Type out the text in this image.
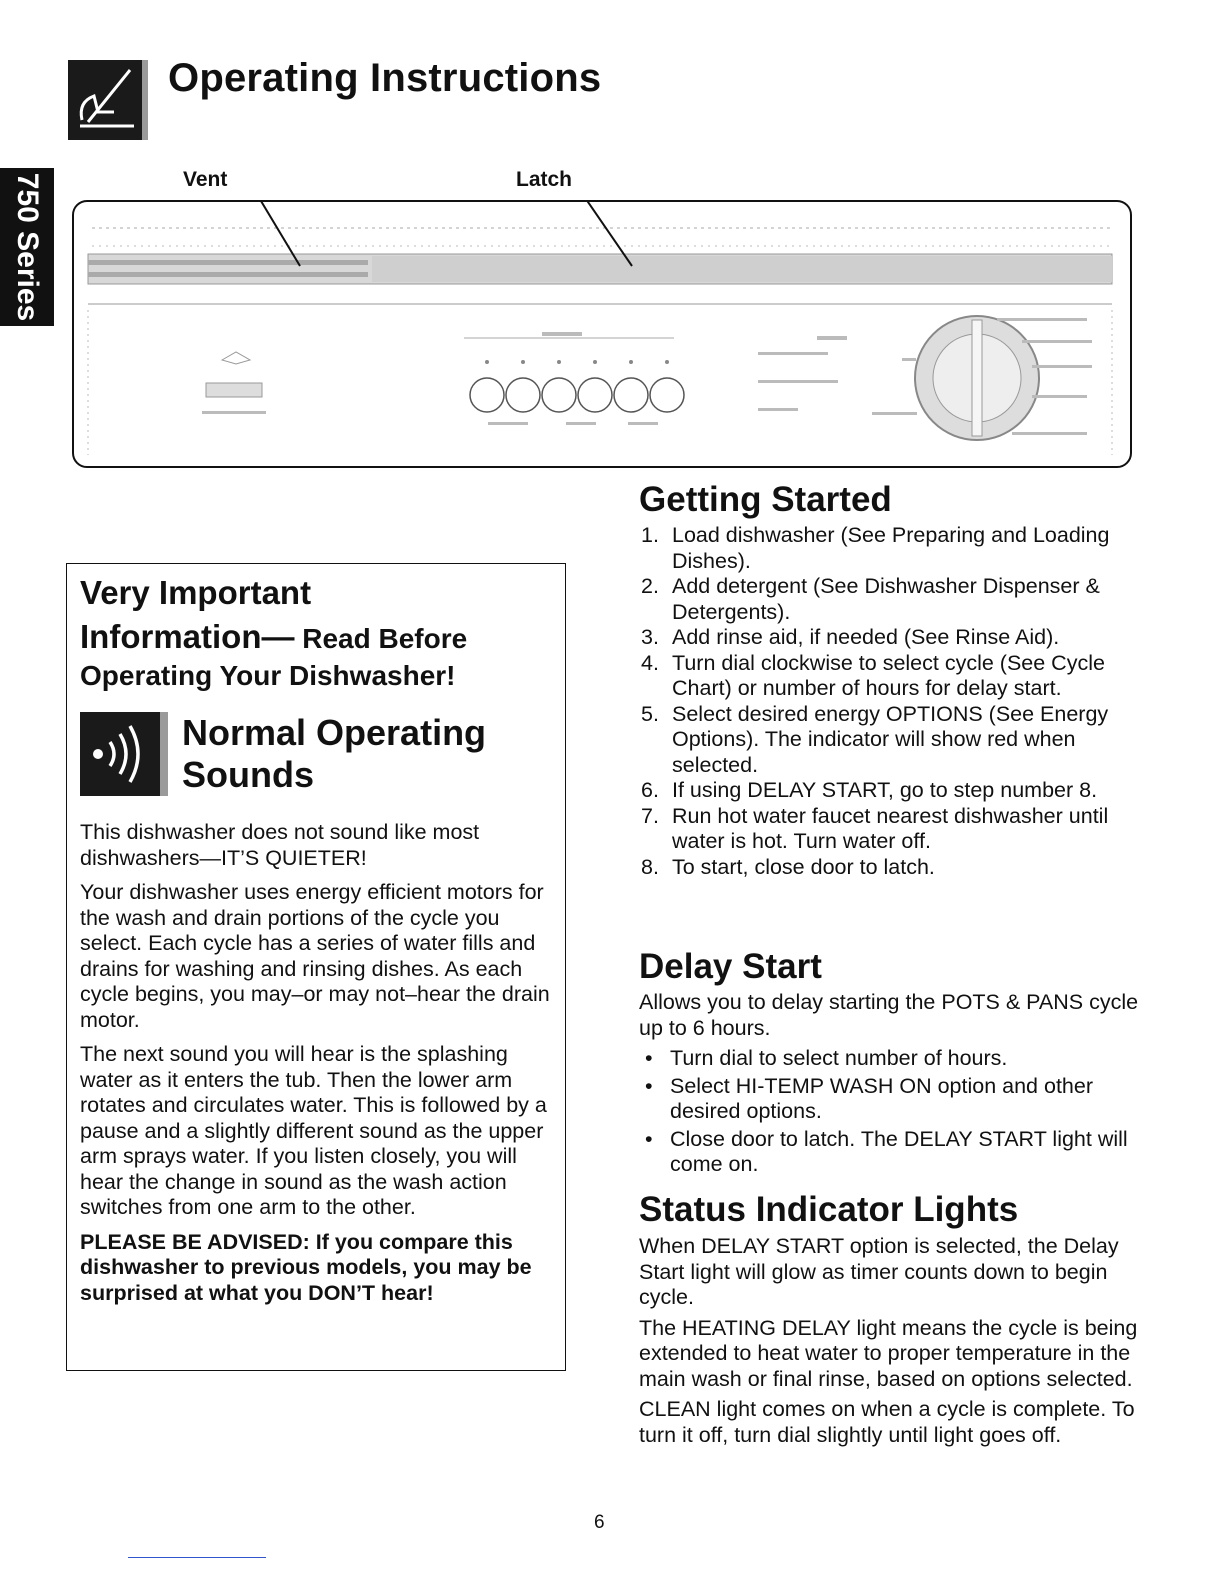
Operating Instructions
750 Series	Vent	Latch
Very Important
Information— Read Before
Operating Your Dishwasher!
Normal Operating Sounds

This dishwasher does not sound like most dishwashers—IT’S QUIETER!

Your dishwasher uses energy efficient motors for the wash and drain portions of the cycle you select. Each cycle has a series of water fills and drains for washing and rinsing dishes. As each cycle begins, you may–or may not–hear the drain motor.

The next sound you will hear is the splashing water as it enters the tub. Then the lower arm rotates and circulates water. This is followed by a pause and a slightly different sound as the upper arm sprays water. If you listen closely, you will hear the change in sound as the wash action switches from one arm to the other.

PLEASE BE ADVISED: If you compare this dishwasher to previous models, you may be surprised at what you DON’T hear!

Getting Started
1. Load dishwasher (See Preparing and Loading Dishes).
2. Add detergent (See Dishwasher Dispenser & Detergents).
3. Add rinse aid, if needed (See Rinse Aid).
4. Turn dial clockwise to select cycle (See Cycle Chart) or number of hours for delay start.
5. Select desired energy OPTIONS (See Energy Options). The indicator will show red when selected.
6. If using DELAY START, go to step number 8.
7. Run hot water faucet nearest dishwasher until water is hot. Turn water off.
8. To start, close door to latch.
Delay Start

Allows you to delay starting the POTS & PANS cycle up to 6 hours.

• Turn dial to select number of hours.
• Select HI-TEMP WASH ON option and other desired options.
• Close door to latch. The DELAY START light will come on.
Status Indicator Lights

When DELAY START option is selected, the Delay Start light will glow as timer counts down to begin cycle.

The HEATING DELAY light means the cycle is being extended to heat water to proper temperature in the main wash or final rinse, based on options selected.

CLEAN light comes on when a cycle is complete. To turn it off, turn dial slightly until light goes off.

6
